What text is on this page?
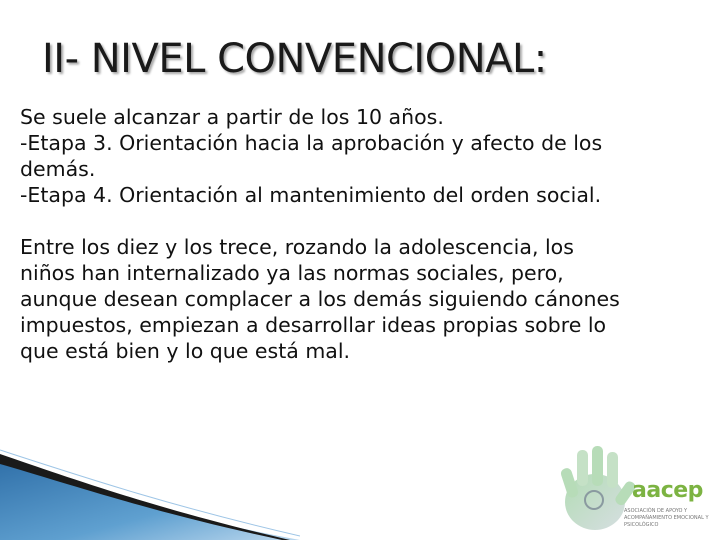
II- NIVEL CONVENCIONAL:

Se suele alcanzar a partir de los 10 años.

-Etapa 3. Orientación hacia la aprobación y afecto de los

demás.

-Etapa 4. Orientación al mantenimiento del orden social.

Entre los diez y los trece, rozando la adolescencia, los

niños han internalizado ya las normas sociales, pero,

aunque desean complacer a los demás siguiendo cánones

impuestos, empiezan a desarrollar ideas propias sobre lo

que está bien y lo que está mal.

aacep
ASOCIACIÓN DE APOYO Y ACOMPAÑAMIENTO EMOCIONAL Y PSICOLÓGICO
